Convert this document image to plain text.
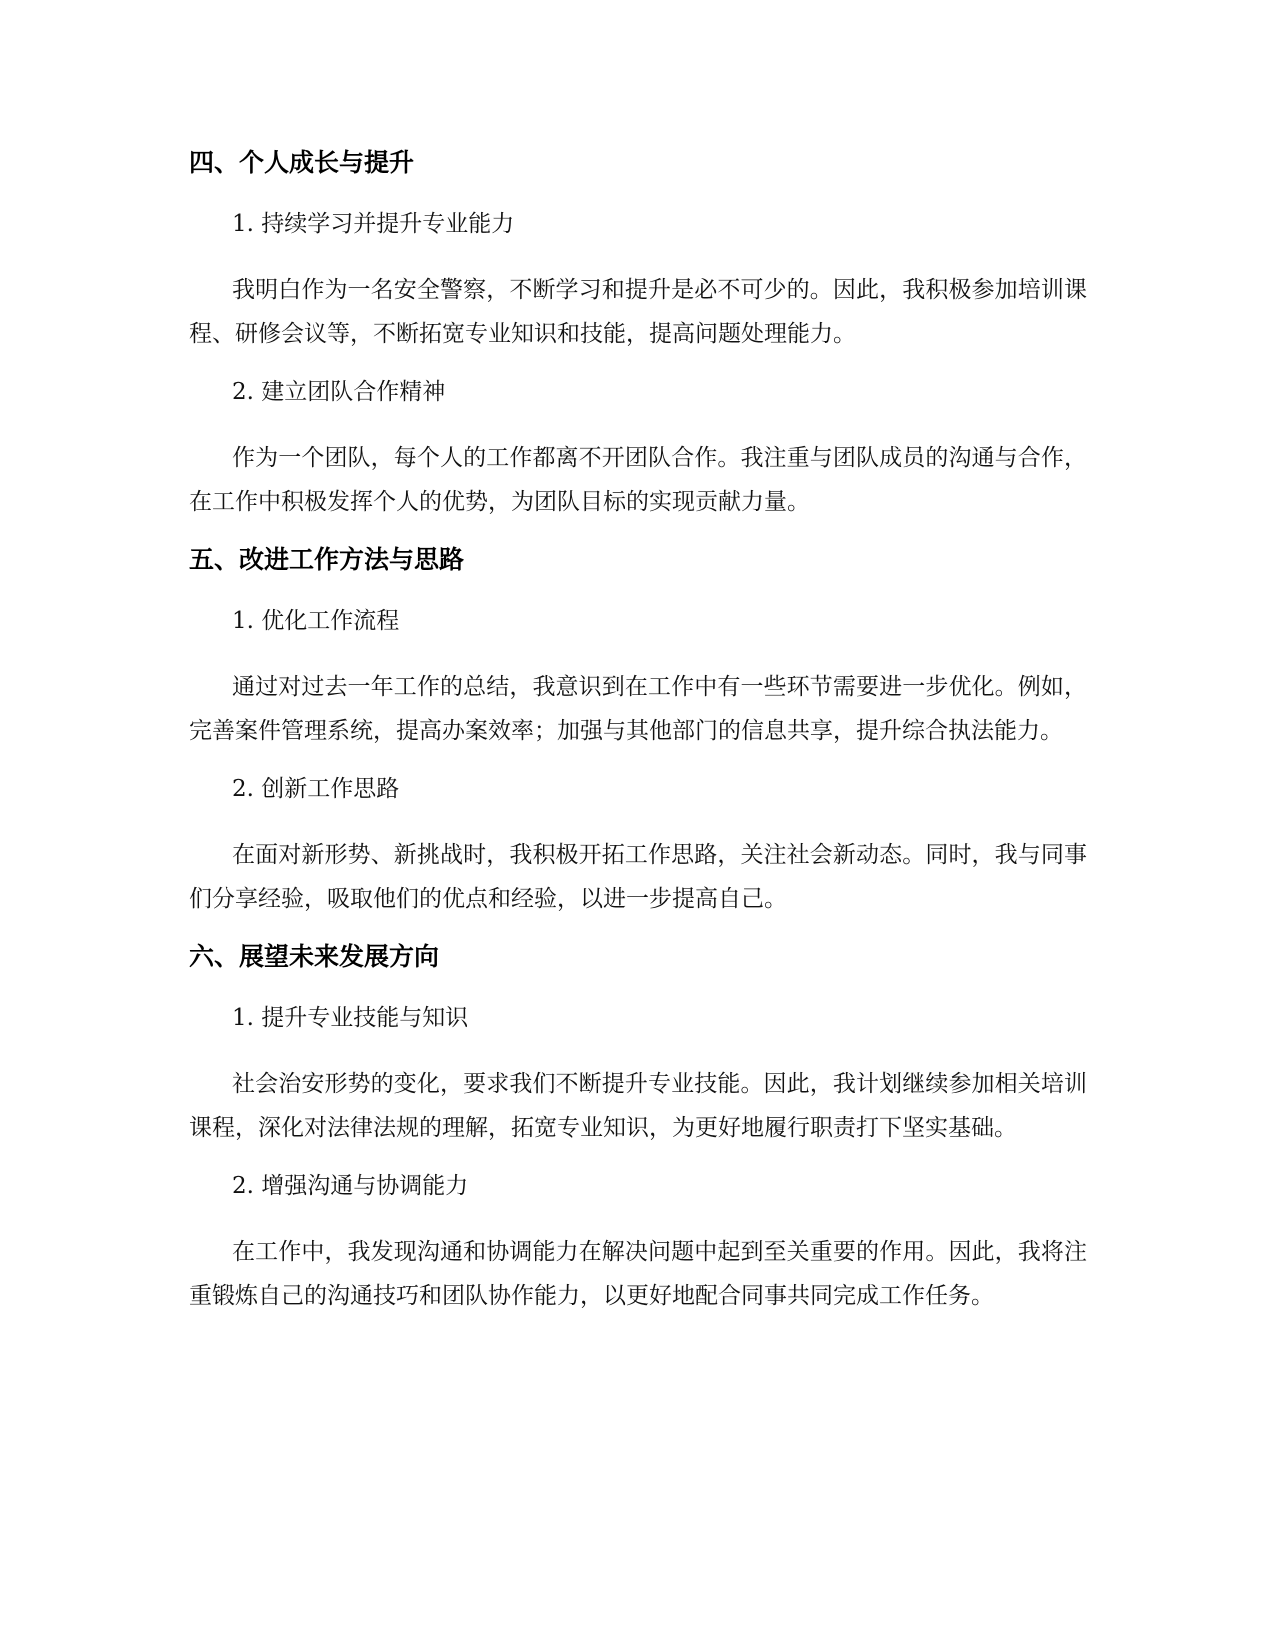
四、个人成长与提升

1. 持续学习并提升专业能力

我明白作为一名安全警察，不断学习和提升是必不可少的。因此，我积极参加培训课程、研修会议等，不断拓宽专业知识和技能，提高问题处理能力。

2. 建立团队合作精神

作为一个团队，每个人的工作都离不开团队合作。我注重与团队成员的沟通与合作，在工作中积极发挥个人的优势，为团队目标的实现贡献力量。

五、改进工作方法与思路

1. 优化工作流程

通过对过去一年工作的总结，我意识到在工作中有一些环节需要进一步优化。例如，完善案件管理系统，提高办案效率；加强与其他部门的信息共享，提升综合执法能力。

2. 创新工作思路

在面对新形势、新挑战时，我积极开拓工作思路，关注社会新动态。同时，我与同事们分享经验，吸取他们的优点和经验，以进一步提高自己。

六、展望未来发展方向

1. 提升专业技能与知识

社会治安形势的变化，要求我们不断提升专业技能。因此，我计划继续参加相关培训课程，深化对法律法规的理解，拓宽专业知识，为更好地履行职责打下坚实基础。

2. 增强沟通与协调能力

在工作中，我发现沟通和协调能力在解决问题中起到至关重要的作用。因此，我将注重锻炼自己的沟通技巧和团队协作能力，以更好地配合同事共同完成工作任务。
